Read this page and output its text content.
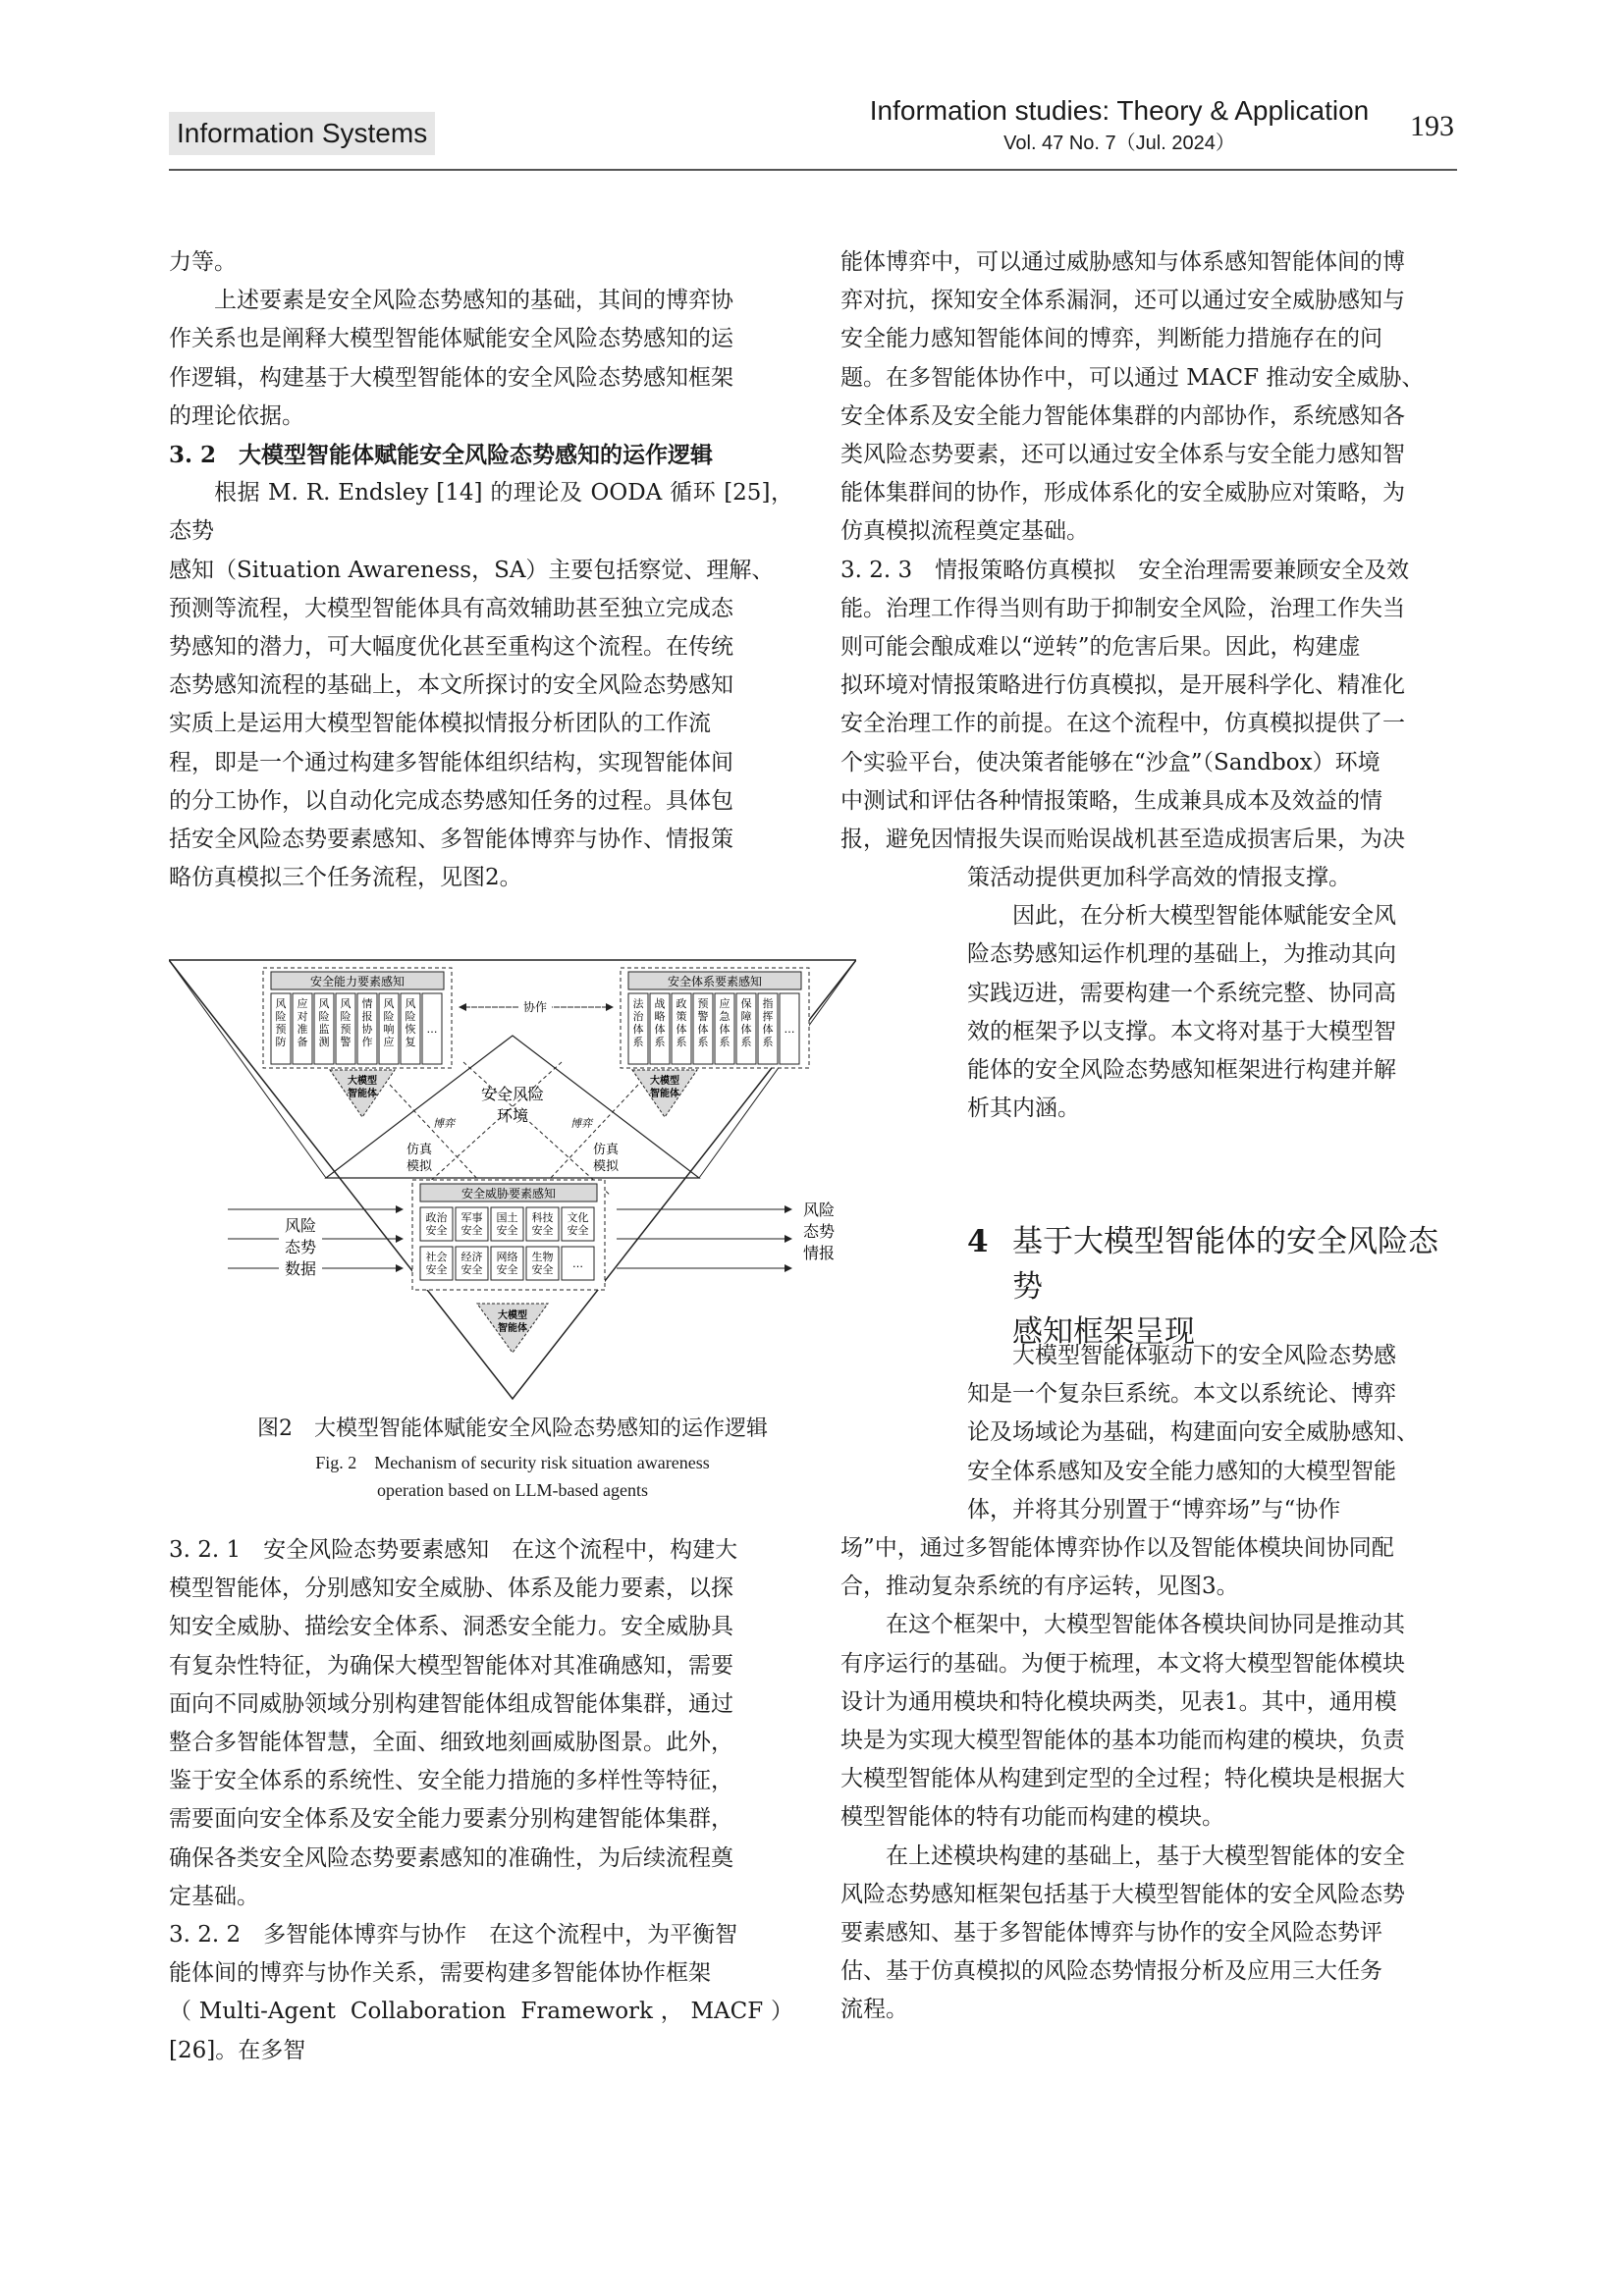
Information Systems
Information studies: Theory & Application
Vol. 47 No. 7（Jul. 2024）
193

力等。

上述要素是安全风险态势感知的基础，其间的博弈协

作关系也是阐释大模型智能体赋能安全风险态势感知的运

作逻辑，构建基于大模型智能体的安全风险态势感知框架

的理论依据。

3. 2　大模型智能体赋能安全风险态势感知的运作逻辑

根据 M. R. Endsley [14] 的理论及 OODA 循环 [25]，态势

感知（Situation Awareness，SA）主要包括察觉、理解、

预测等流程，大模型智能体具有高效辅助甚至独立完成态

势感知的潜力，可大幅度优化甚至重构这个流程。在传统

态势感知流程的基础上，本文所探讨的安全风险态势感知

实质上是运用大模型智能体模拟情报分析团队的工作流

程，即是一个通过构建多智能体组织结构，实现智能体间

的分工协作，以自动化完成态势感知任务的过程。具体包

括安全风险态势要素感知、多智能体博弈与协作、情报策

略仿真模拟三个任务流程，见图2。

安全能力要素感知
风
险
预
防
应
对
准
备
风
险
监
测
风
险
预
警
情
报
协
作
风
险
响
应
风
险
恢
复
…
安全体系要素感知
法
治
体
系
战
略
体
系
政
策
体
系
预
警
体
系
应
急
体
系
保
障
体
系
指
挥
体
系
…
协作
安全风险
环境
大模型
智能体
大模型
智能体
博弈	博弈
仿真
模拟
仿真
模拟
安全威胁要素感知
政治
安全
军事
安全
国土
安全
科技
安全
文化
安全
社会
安全
经济
安全
网络
安全
生物
安全 …
大模型
智能体
风险
态势
数据
风险
态势
情报
图2　大模型智能体赋能安全风险态势感知的运作逻辑
Fig. 2　Mechanism of security risk situation awareness
operation based on LLM-based agents

3. 2. 1　安全风险态势要素感知　在这个流程中，构建大

模型智能体，分别感知安全威胁、体系及能力要素，以探

知安全威胁、描绘安全体系、洞悉安全能力。安全威胁具

有复杂性特征，为确保大模型智能体对其准确感知，需要

面向不同威胁领域分别构建智能体组成智能体集群，通过

整合多智能体智慧，全面、细致地刻画威胁图景。此外，

鉴于安全体系的系统性、安全能力措施的多样性等特征，

需要面向安全体系及安全能力要素分别构建智能体集群，

确保各类安全风险态势要素感知的准确性，为后续流程奠

定基础。

3. 2. 2　多智能体博弈与协作　在这个流程中，为平衡智

能体间的博弈与协作关系，需要构建多智能体协作框架

（Multi-Agent Collaboration Framework，MACF）[26]。在多智

能体博弈中，可以通过威胁感知与体系感知智能体间的博

弈对抗，探知安全体系漏洞，还可以通过安全威胁感知与

安全能力感知智能体间的博弈，判断能力措施存在的问

题。在多智能体协作中，可以通过 MACF 推动安全威胁、

安全体系及安全能力智能体集群的内部协作，系统感知各

类风险态势要素，还可以通过安全体系与安全能力感知智

能体集群间的协作，形成体系化的安全威胁应对策略，为

仿真模拟流程奠定基础。

3. 2. 3　情报策略仿真模拟　安全治理需要兼顾安全及效

能。治理工作得当则有助于抑制安全风险，治理工作失当

则可能会酿成难以“逆转”的危害后果。因此，构建虚

拟环境对情报策略进行仿真模拟，是开展科学化、精准化

安全治理工作的前提。在这个流程中，仿真模拟提供了一

个实验平台，使决策者能够在“沙盒”（Sandbox）环境

中测试和评估各种情报策略，生成兼具成本及效益的情

报，避免因情报失误而贻误战机甚至造成损害后果，为决

策活动提供更加科学高效的情报支撑。

因此，在分析大模型智能体赋能安全风

险态势感知运作机理的基础上，为推动其向

实践迈进，需要构建一个系统完整、协同高

效的框架予以支撑。本文将对基于大模型智

能体的安全风险态势感知框架进行构建并解

析其内涵。

4 基于大模型智能体的安全风险态势
感知框架呈现

大模型智能体驱动下的安全风险态势感

知是一个复杂巨系统。本文以系统论、博弈

论及场域论为基础，构建面向安全威胁感知、

安全体系感知及安全能力感知的大模型智能

体，并将其分别置于“博弈场”与“协作

场”中，通过多智能体博弈协作以及智能体模块间协同配

合，推动复杂系统的有序运转，见图3。

在这个框架中，大模型智能体各模块间协同是推动其

有序运行的基础。为便于梳理，本文将大模型智能体模块

设计为通用模块和特化模块两类，见表1。其中，通用模

块是为实现大模型智能体的基本功能而构建的模块，负责

大模型智能体从构建到定型的全过程；特化模块是根据大

模型智能体的特有功能而构建的模块。

在上述模块构建的基础上，基于大模型智能体的安全

风险态势感知框架包括基于大模型智能体的安全风险态势

要素感知、基于多智能体博弈与协作的安全风险态势评

估、基于仿真模拟的风险态势情报分析及应用三大任务

流程。
